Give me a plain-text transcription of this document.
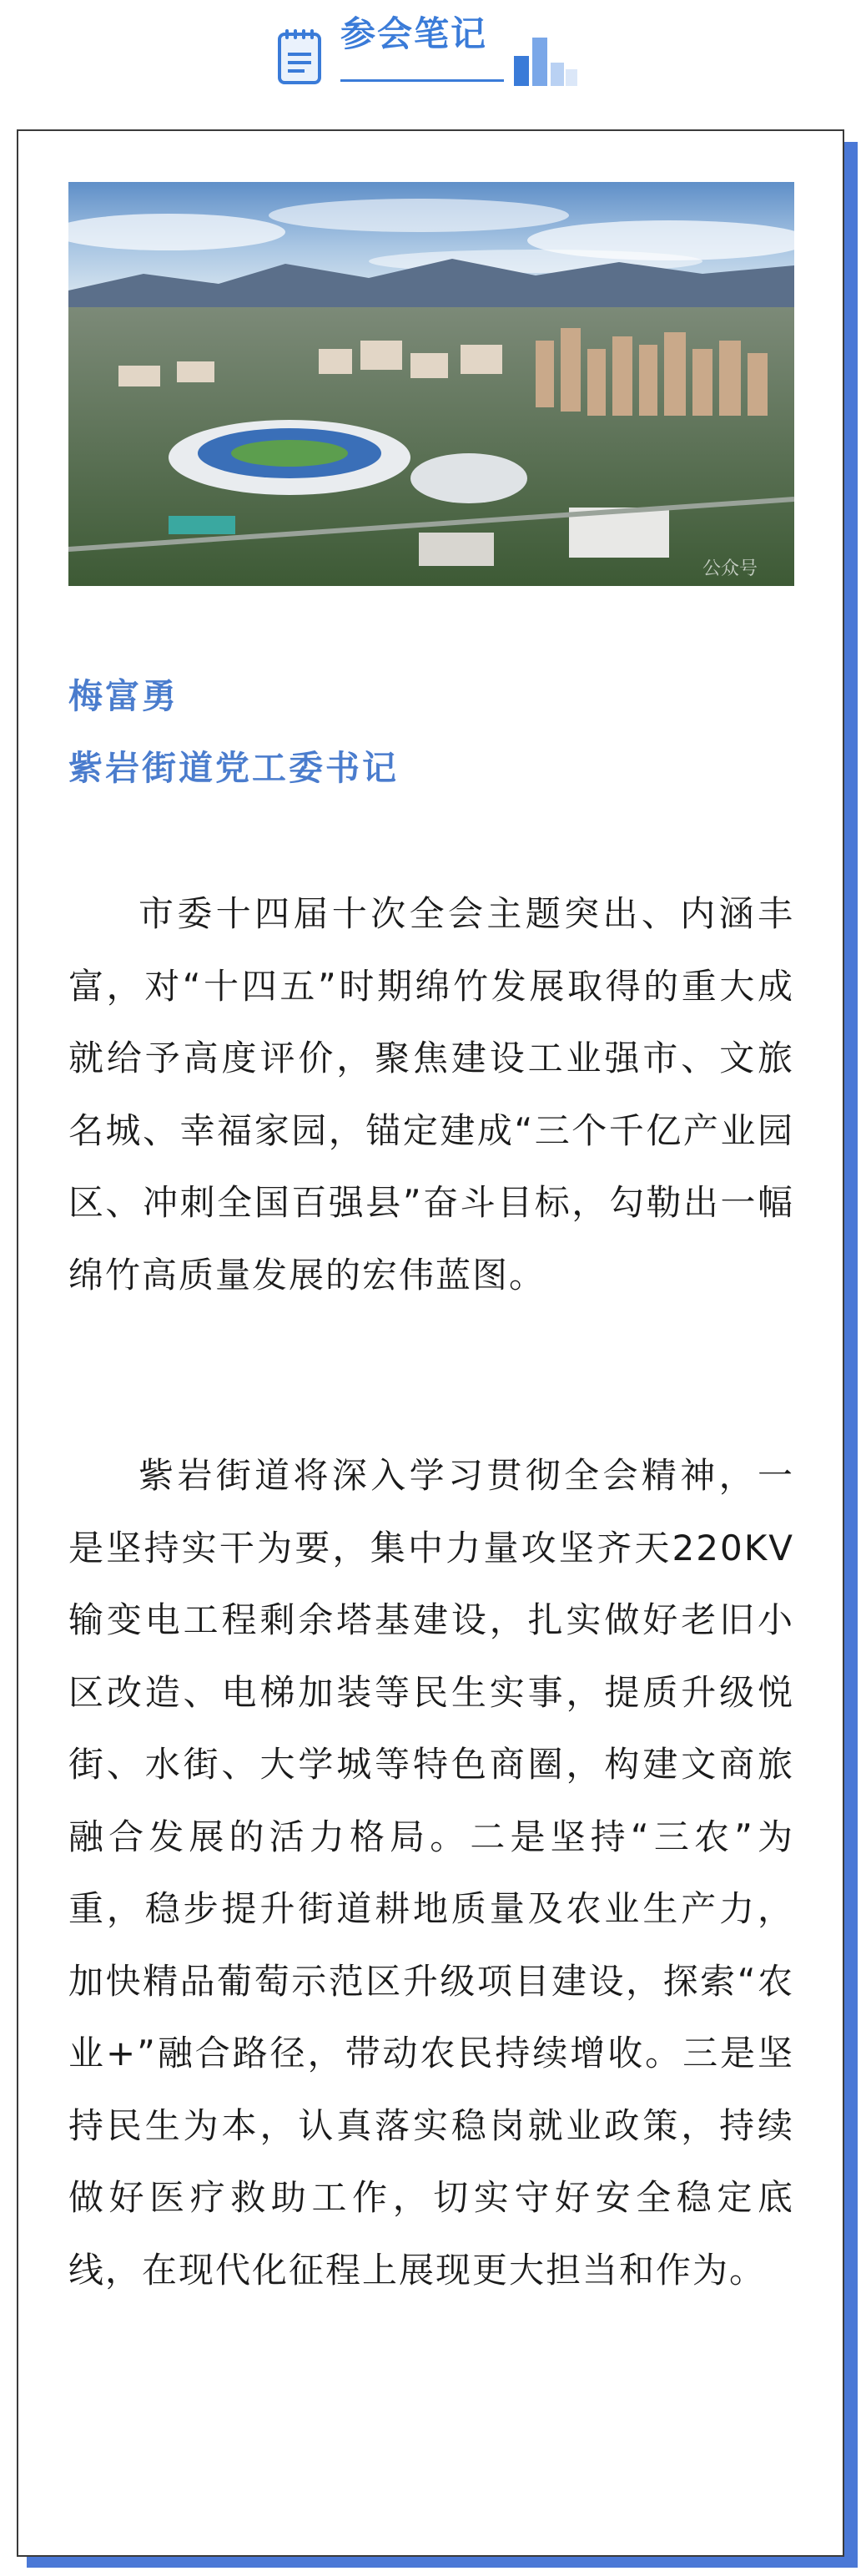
参会笔记
公众号

梅富勇

紫岩街道党工委书记

市委十四届十次全会主题突出、内涵丰富，对“十四五”时期绵竹发展取得的重大成就给予高度评价，聚焦建设工业强市、文旅名城、幸福家园，锚定建成“三个千亿产业园区、冲刺全国百强县”奋斗目标，勾勒出一幅绵竹高质量发展的宏伟蓝图。

紫岩街道将深入学习贯彻全会精神，一是坚持实干为要，集中力量攻坚齐天220KV输变电工程剩余塔基建设，扎实做好老旧小区改造、电梯加装等民生实事，提质升级悦街、水街、大学城等特色商圈，构建文商旅融合发展的活力格局。二是坚持“三农”为重，稳步提升街道耕地质量及农业生产力，加快精品葡萄示范区升级项目建设，探索“农业+”融合路径，带动农民持续增收。三是坚持民生为本，认真落实稳岗就业政策，持续做好医疗救助工作，切实守好安全稳定底线，在现代化征程上展现更大担当和作为。
